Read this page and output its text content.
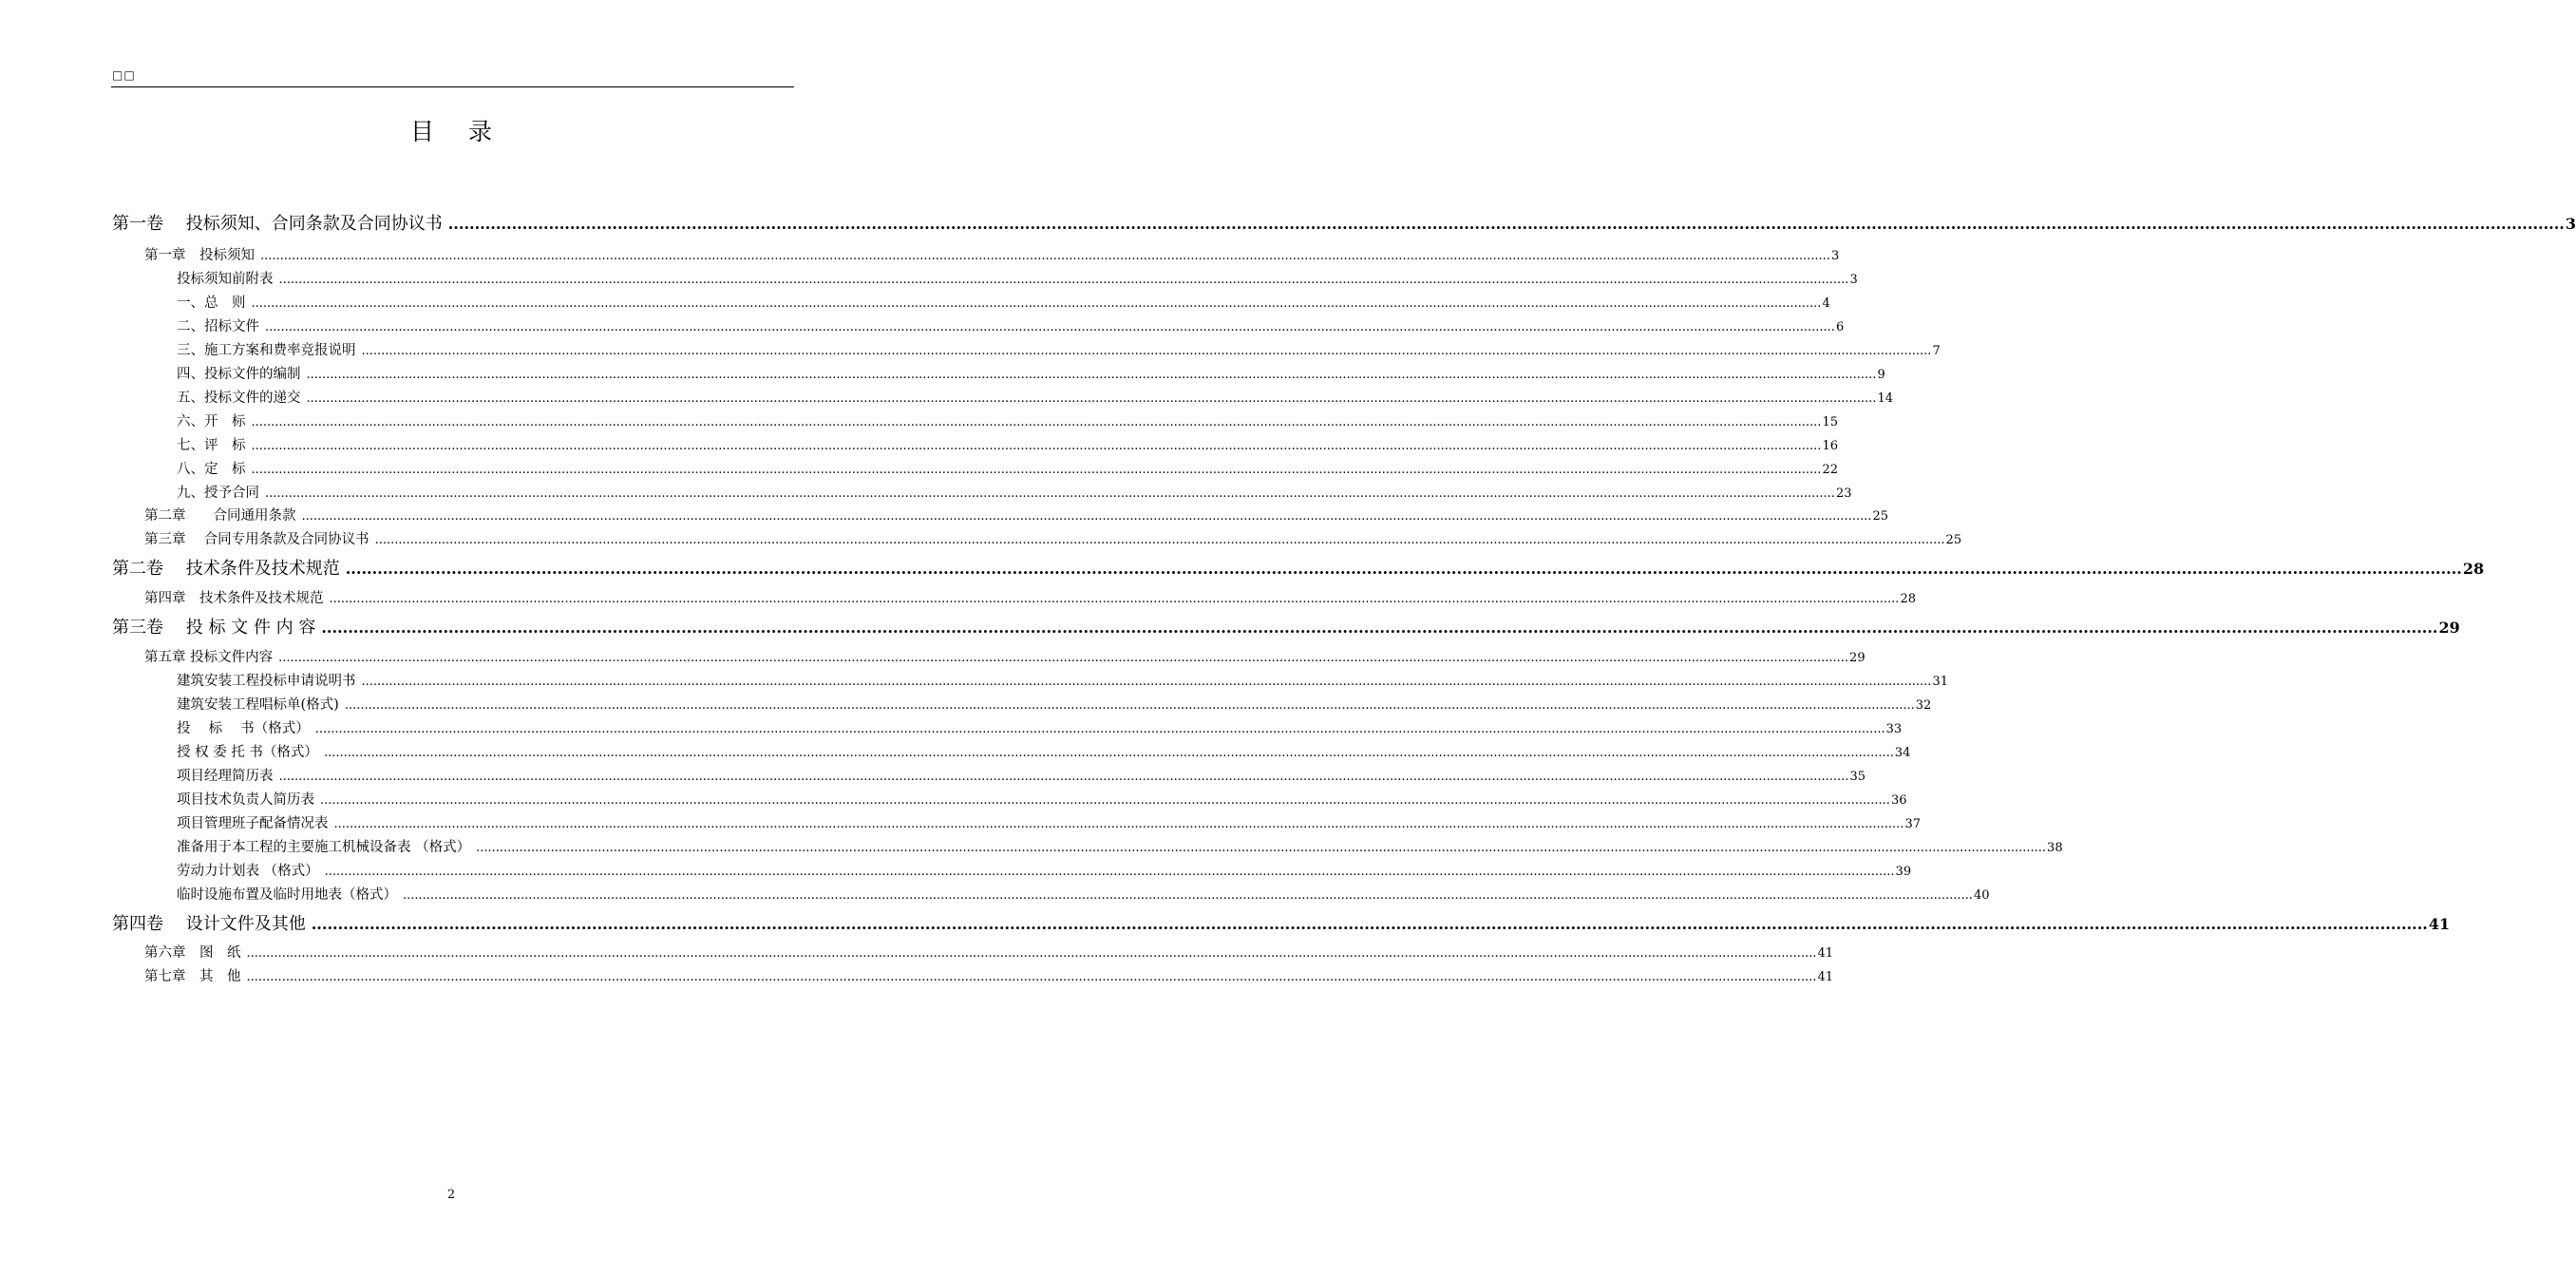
□□
目录
第一卷　 投标须知、合同条款及合同协议书 ................................................................................................................................................................................................................................................................................................................................................................................................................ 3
第一章　投标须知 ................................................................................................................................................................................................................................................................................................................................................................................................................ 3
投标须知前附表 ................................................................................................................................................................................................................................................................................................................................................................................................................ 3
一、总　则 ................................................................................................................................................................................................................................................................................................................................................................................................................ 4
二、招标文件 ................................................................................................................................................................................................................................................................................................................................................................................................................ 6
三、施工方案和费率竞报说明 ................................................................................................................................................................................................................................................................................................................................................................................................................ 7
四、投标文件的编制 ................................................................................................................................................................................................................................................................................................................................................................................................................ 9
五、投标文件的递交 ................................................................................................................................................................................................................................................................................................................................................................................................................ 14
六、开　标 ................................................................................................................................................................................................................................................................................................................................................................................................................ 15
七、评　标 ................................................................................................................................................................................................................................................................................................................................................................................................................ 16
八、定　标 ................................................................................................................................................................................................................................................................................................................................................................................................................ 22
九、授予合同 ................................................................................................................................................................................................................................................................................................................................................................................................................ 23
第二章　　合同通用条款 ................................................................................................................................................................................................................................................................................................................................................................................................................ 25
第三章　 合同专用条款及合同协议书 ................................................................................................................................................................................................................................................................................................................................................................................................................ 25
第二卷　 技术条件及技术规范 ................................................................................................................................................................................................................................................................................................................................................................................................................ 28
第四章　技术条件及技术规范 ................................................................................................................................................................................................................................................................................................................................................................................................................ 28
第三卷　 投 标 文 件 内 容 ................................................................................................................................................................................................................................................................................................................................................................................................................ 29
第五章 投标文件内容 ................................................................................................................................................................................................................................................................................................................................................................................................................ 29
建筑安装工程投标申请说明书 ................................................................................................................................................................................................................................................................................................................................................................................................................ 31
建筑安装工程唱标单(格式) ................................................................................................................................................................................................................................................................................................................................................................................................................ 32
投　 标　 书（格式） ................................................................................................................................................................................................................................................................................................................................................................................................................ 33
授 权 委 托 书（格式） ................................................................................................................................................................................................................................................................................................................................................................................................................ 34
项目经理简历表 ................................................................................................................................................................................................................................................................................................................................................................................................................ 35
项目技术负责人简历表 ................................................................................................................................................................................................................................................................................................................................................................................................................ 36
项目管理班子配备情况表 ................................................................................................................................................................................................................................................................................................................................................................................................................ 37
准备用于本工程的主要施工机械设备表 （格式） ................................................................................................................................................................................................................................................................................................................................................................................................................ 38
劳动力计划表 （格式） ................................................................................................................................................................................................................................................................................................................................................................................................................ 39
临时设施布置及临时用地表（格式） ................................................................................................................................................................................................................................................................................................................................................................................................................ 40
第四卷　 设计文件及其他 ................................................................................................................................................................................................................................................................................................................................................................................................................ 41
第六章　图　纸 ................................................................................................................................................................................................................................................................................................................................................................................................................ 41
第七章　其　他 ................................................................................................................................................................................................................................................................................................................................................................................................................ 41
2
